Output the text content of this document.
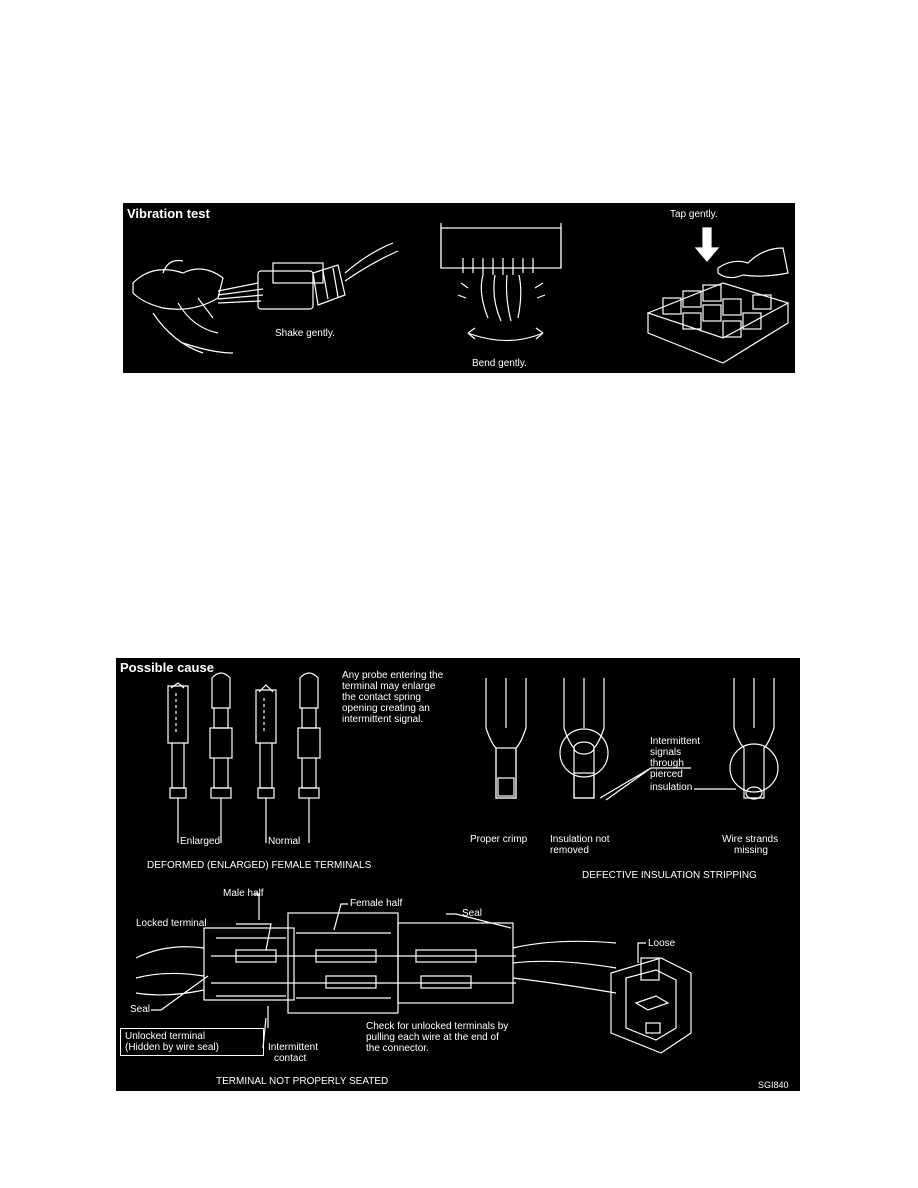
Vibration test
Shake gently.
Bend gently.
Tap gently.
Possible cause
Any probe entering the
terminal may enlarge
the contact spring
opening creating an
intermittent signal.
Enlarged	Normal
DEFORMED (ENLARGED) FEMALE TERMINALS
Proper crimp Insulation not
removed
Intermittent
signals
through
pierced
insulation
Wire strands
missing
DEFECTIVE INSULATION STRIPPING
Male half
Female half
Locked terminal
Seal
Seal
Unlocked terminal
(Hidden by wire seal)	Intermittent
contact
Check for unlocked terminals by
pulling each wire at the end of
the connector.
TERMINAL NOT PROPERLY SEATED
Loose
SGI840
